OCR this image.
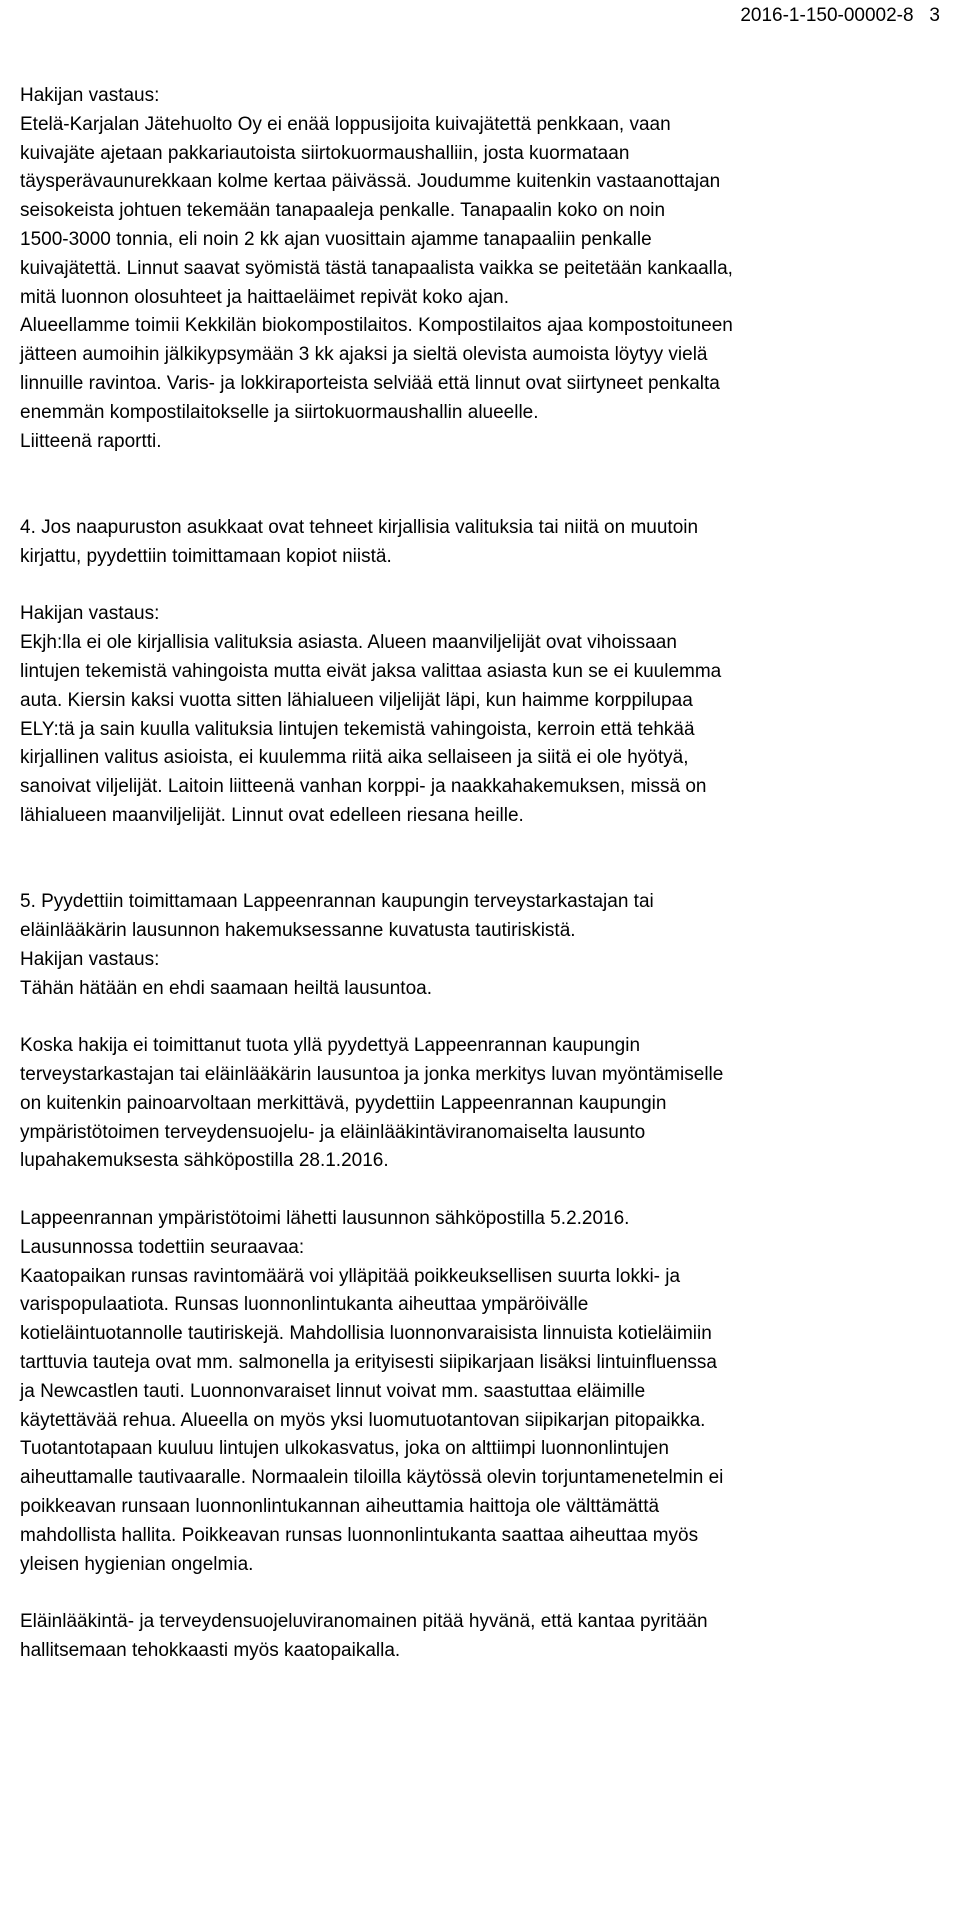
2016-1-150-00002-8 3
Hakijan vastaus:
Etelä-Karjalan Jätehuolto Oy ei enää loppusijoita kuivajätettä penkkaan, vaan
kuivajäte ajetaan pakkariautoista siirtokuormaushalliin, josta kuormataan
täysperävaunurekkaan kolme kertaa päivässä. Joudumme kuitenkin vastaanottajan
seisokeista johtuen tekemään tanapaaleja penkalle. Tanapaalin koko on noin
1500-3000 tonnia, eli noin 2 kk ajan vuosittain ajamme tanapaaliin penkalle
kuivajätettä. Linnut saavat syömistä tästä tanapaalista vaikka se peitetään kankaalla,
mitä luonnon olosuhteet ja haittaeläimet repivät koko ajan.
Alueellamme toimii Kekkilän biokompostilaitos. Kompostilaitos ajaa kompostoituneen
jätteen aumoihin jälkikypsymään 3 kk ajaksi ja sieltä olevista aumoista löytyy vielä
linnuille ravintoa. Varis- ja lokkiraporteista selviää että linnut ovat siirtyneet penkalta
enemmän kompostilaitokselle ja siirtokuormaushallin alueelle.
Liitteenä raportti.
4. Jos naapuruston asukkaat ovat tehneet kirjallisia valituksia tai niitä on muutoin
kirjattu, pyydettiin toimittamaan kopiot niistä.
Hakijan vastaus:
Ekjh:lla ei ole kirjallisia valituksia asiasta. Alueen maanviljelijät ovat vihoissaan
lintujen tekemistä vahingoista mutta eivät jaksa valittaa asiasta kun se ei kuulemma
auta. Kiersin kaksi vuotta sitten lähialueen viljelijät läpi, kun haimme korppilupaa
ELY:tä ja sain kuulla valituksia lintujen tekemistä vahingoista, kerroin että tehkää
kirjallinen valitus asioista, ei kuulemma riitä aika sellaiseen ja siitä ei ole hyötyä,
sanoivat viljelijät. Laitoin liitteenä vanhan korppi- ja naakkahakemuksen, missä on
lähialueen maanviljelijät. Linnut ovat edelleen riesana heille.
5. Pyydettiin toimittamaan Lappeenrannan kaupungin terveystarkastajan tai
eläinlääkärin lausunnon hakemuksessanne kuvatusta tautiriskistä.
Hakijan vastaus:
Tähän hätään en ehdi saamaan heiltä lausuntoa.
Koska hakija ei toimittanut tuota yllä pyydettyä Lappeenrannan kaupungin
terveystarkastajan tai eläinlääkärin lausuntoa ja jonka merkitys luvan myöntämiselle
on kuitenkin painoarvoltaan merkittävä, pyydettiin Lappeenrannan kaupungin
ympäristötoimen terveydensuojelu- ja eläinlääkintäviranomaiselta lausunto
lupahakemuksesta sähköpostilla 28.1.2016.
Lappeenrannan ympäristötoimi lähetti lausunnon sähköpostilla 5.2.2016.
Lausunnossa todettiin seuraavaa:
Kaatopaikan runsas ravintomäärä voi ylläpitää poikkeuksellisen suurta lokki- ja
varispopulaatiota. Runsas luonnonlintukanta aiheuttaa ympäröivälle
kotieläintuotannolle tautiriskejä. Mahdollisia luonnonvaraisista linnuista kotieläimiin
tarttuvia tauteja ovat mm. salmonella ja erityisesti siipikarjaan lisäksi lintuinfluenssa
ja Newcastlen tauti. Luonnonvaraiset linnut voivat mm. saastuttaa eläimille
käytettävää rehua. Alueella on myös yksi luomutuotantovan siipikarjan pitopaikka.
Tuotantotapaan kuuluu lintujen ulkokasvatus, joka on alttiimpi luonnonlintujen
aiheuttamalle tautivaaralle. Normaalein tiloilla käytössä olevin torjuntamenetelmin ei
poikkeavan runsaan luonnonlintukannan aiheuttamia haittoja ole välttämättä
mahdollista hallita. Poikkeavan runsas luonnonlintukanta saattaa aiheuttaa myös
yleisen hygienian ongelmia.
Eläinlääkintä- ja terveydensuojeluviranomainen pitää hyvänä, että kantaa pyritään
hallitsemaan tehokkaasti myös kaatopaikalla.
